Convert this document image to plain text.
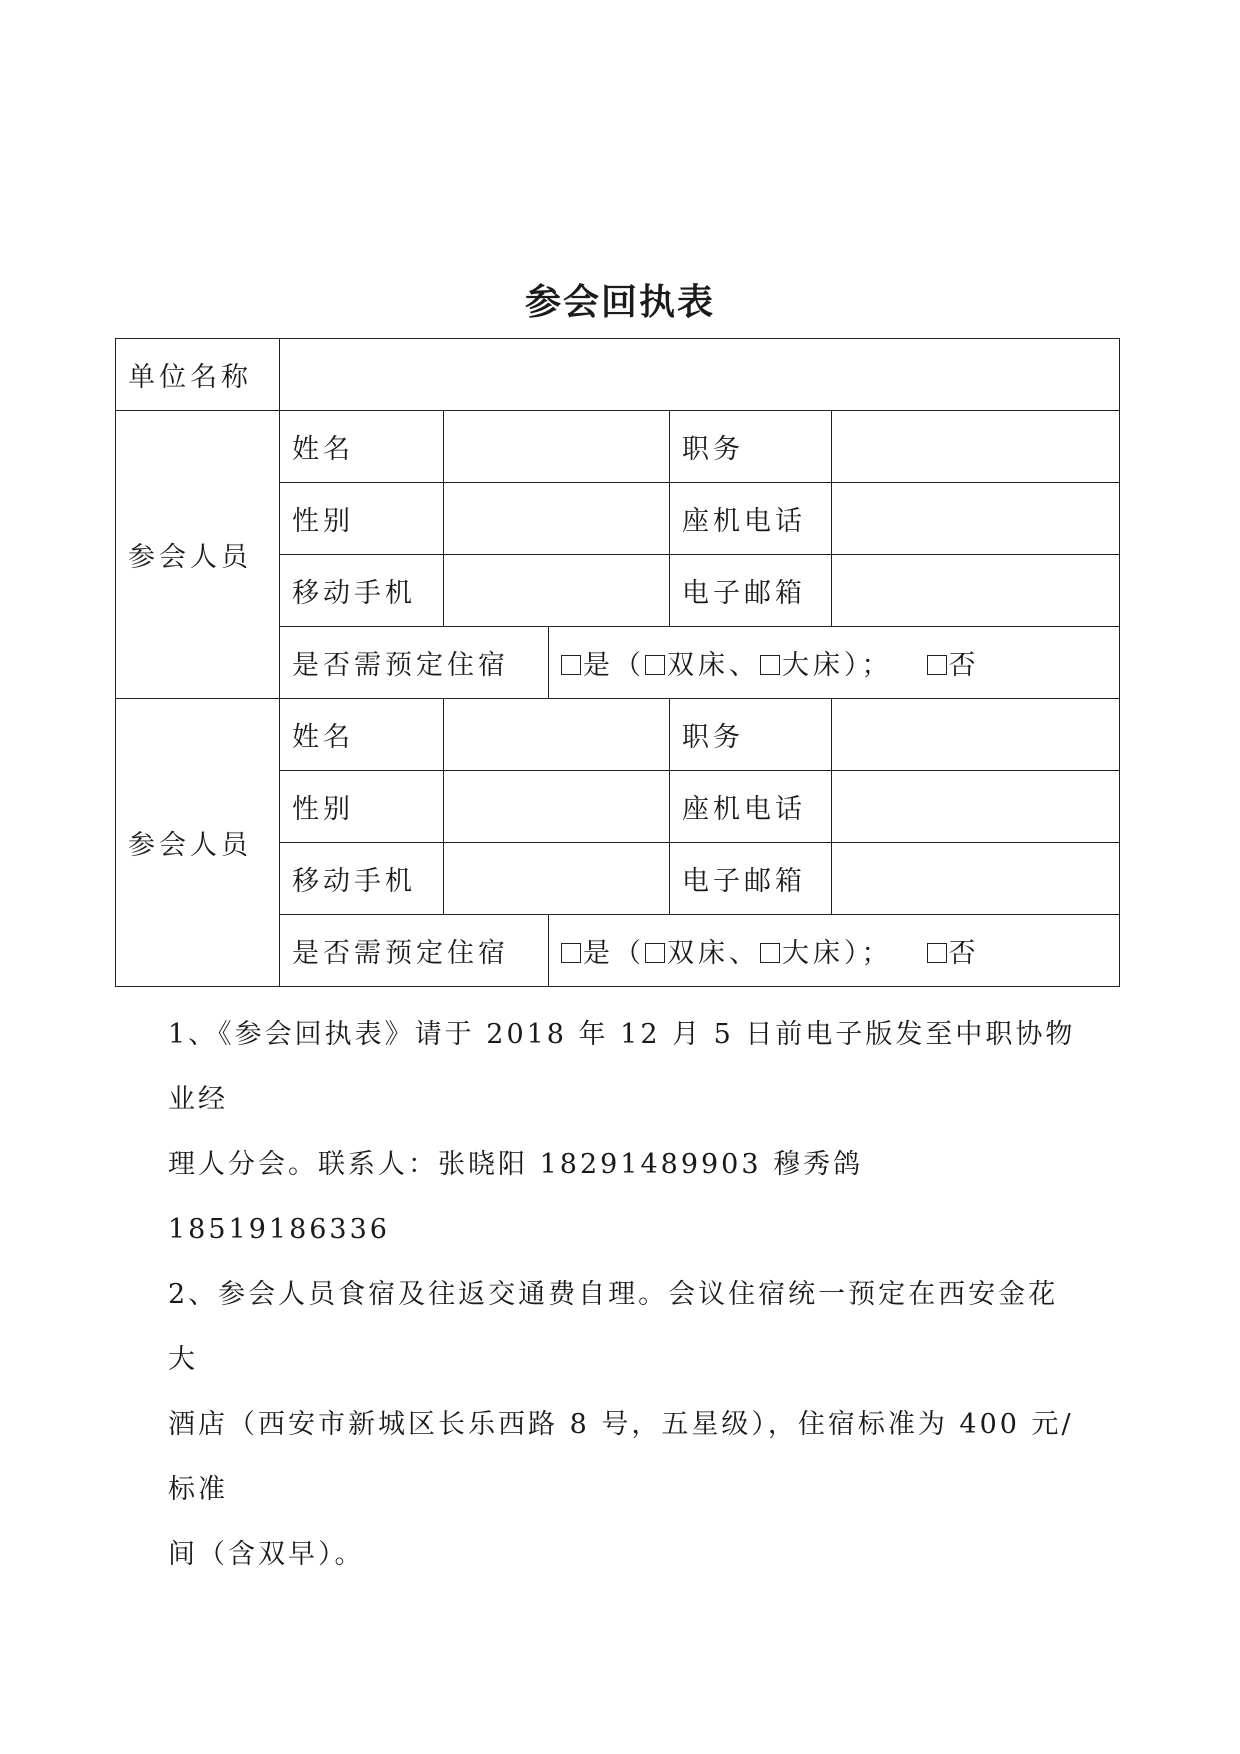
参会回执表
单位名称					
参会人员	姓名			职务	
	性别			座机电话	
	移动手机			电子邮箱	
	是否需预定住宿		是（ 双床、 大床）； 否		
参会人员	姓名			职务	
	性别			座机电话	
	移动手机			电子邮箱	
	是否需预定住宿		是（ 双床、 大床）； 否		

1、《参会回执表》请于 2018 年 12 月 5 日前电子版发至中职协物业经

理人分会。联系人：张晓阳 18291489903 穆秀鸽 18519186336

2、参会人员食宿及往返交通费自理。会议住宿统一预定在西安金花大

酒店（西安市新城区长乐西路 8 号，五星级），住宿标准为 400 元/标准

间（含双早）。
